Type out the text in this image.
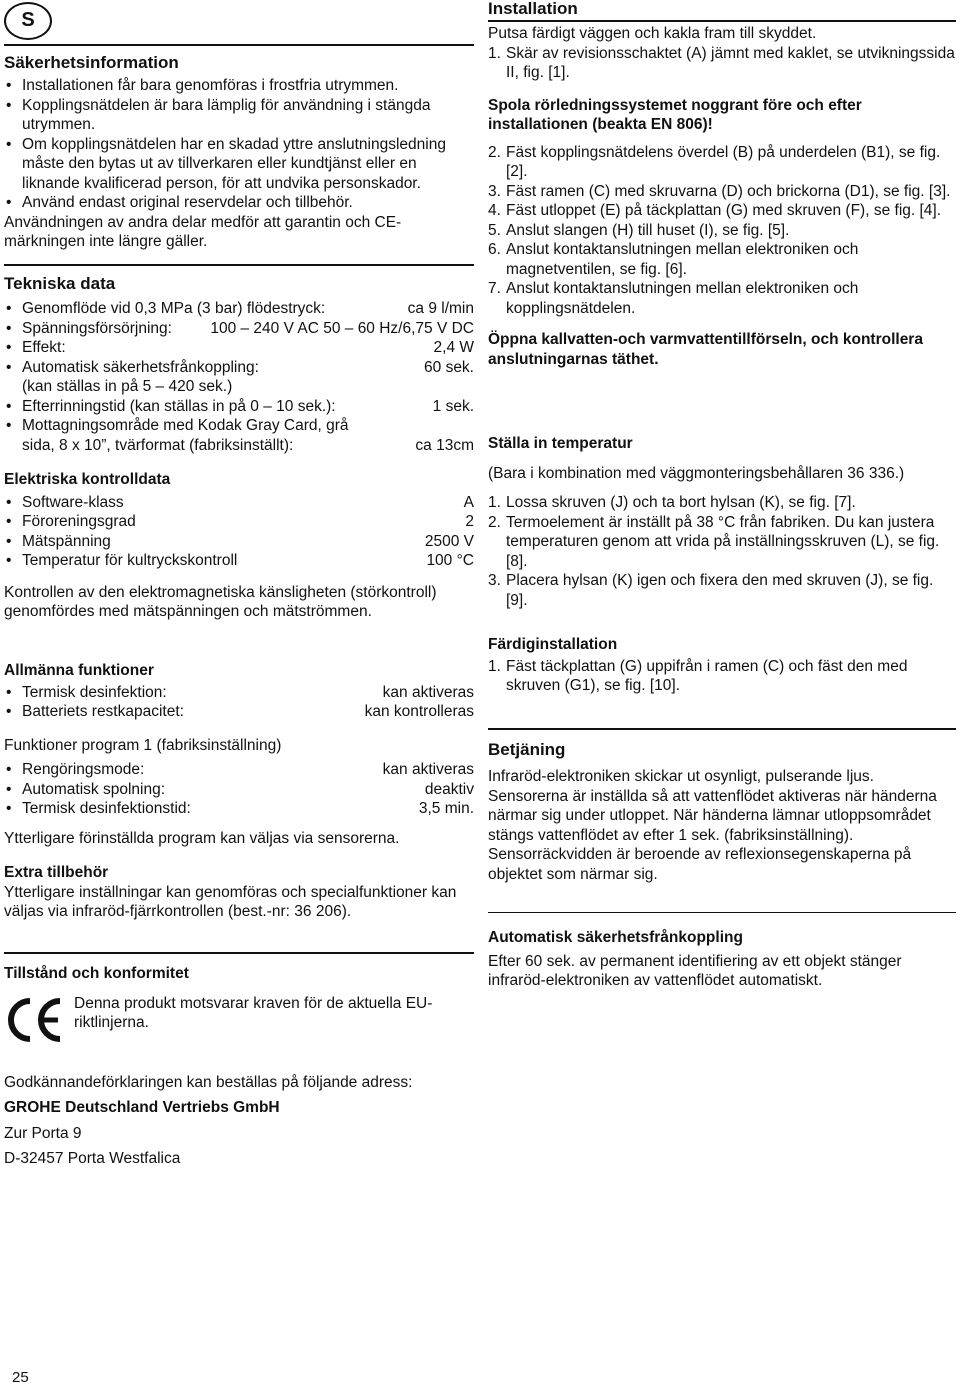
S
Säkerhetsinformation
• Installationen får bara genomföras i frostfria utrymmen.
• Kopplingsnätdelen är bara lämplig för användning i stängda utrymmen.
• Om kopplingsnätdelen har en skadad yttre anslutningsledning måste den bytas ut av tillverkaren eller kundtjänst eller en liknande kvalificerad person, för att undvika personskador.
• Använd endast original reservdelar och tillbehör.
Användningen av andra delar medför att garantin och CE-märkningen inte längre gäller.
Tekniska data
• Genomflöde vid 0,3 MPa (3 bar) flödestryck:	ca 9 l/min
• Spänningsförsörjning: 100 – 240 V AC 50 – 60 Hz/6,75 V DC
• Effekt:	2,4 W
• Automatisk säkerhetsfrånkoppling:	60 sek.
(kan ställas in på 5 – 420 sek.)
• Efterrinningstid (kan ställas in på 0 – 10 sek.):	1 sek.
• Mottagningsområde med Kodak Gray Card, grå
sida, 8 x 10”, tvärformat (fabriksinställt):	ca 13cm
Elektriska kontrolldata
• Software-klass	A
• Föroreningsgrad	2
• Mätspänning	2500 V
• Temperatur för kultryckskontroll	100 °C

Kontrollen av den elektromagnetiska känsligheten (störkontroll) genomfördes med mätspänningen och mätströmmen.

Allmänna funktioner
• Termisk desinfektion:	kan aktiveras
• Batteriets restkapacitet:	kan kontrolleras

Funktioner program 1 (fabriksinställning)

• Rengöringsmode:	kan aktiveras
• Automatisk spolning:	deaktiv
• Termisk desinfektionstid:	3,5 min.

Ytterligare förinställda program kan väljas via sensorerna.

Extra tillbehör

Ytterligare inställningar kan genomföras och specialfunktioner kan väljas via infraröd-fjärrkontrollen (best.-nr: 36 206).

Tillstånd och konformitet

Denna produkt motsvarar kraven för de aktuella EU-riktlinjerna.

Godkännandeförklaringen kan beställas på följande adress:

GROHE Deutschland Vertriebs GmbH

Zur Porta 9

D-32457 Porta Westfalica

Installation

Putsa färdigt väggen och kakla fram till skyddet.

1. Skär av revisionsschaktet (A) jämnt med kaklet, se utvikningssida II, fig. [1].

Spola rörledningssystemet noggrant före och efter installationen (beakta EN 806)!

2. Fäst kopplingsnätdelens överdel (B) på underdelen (B1), se fig. [2].
3. Fäst ramen (C) med skruvarna (D) och brickorna (D1), se fig. [3].
4. Fäst utloppet (E) på täckplattan (G) med skruven (F), se fig. [4].
5. Anslut slangen (H) till huset (I), se fig. [5].
6. Anslut kontaktanslutningen mellan elektroniken och magnetventilen, se fig. [6].
7. Anslut kontaktanslutningen mellan elektroniken och kopplingsnätdelen.

Öppna kallvatten-och varmvattentillförseln, och kontrollera anslutningarnas täthet.

Ställa in temperatur

(Bara i kombination med väggmonteringsbehållaren 36 336.)

1. Lossa skruven (J) och ta bort hylsan (K), se fig. [7].
2. Termoelement är inställt på 38 °C från fabriken. Du kan justera temperaturen genom att vrida på inställningsskruven (L), se fig. [8].
3. Placera hylsan (K) igen och fixera den med skruven (J), se fig. [9].
Färdiginstallation
1. Fäst täckplattan (G) uppifrån i ramen (C) och fäst den med skruven (G1), se fig. [10].
Betjäning

Infraröd-elektroniken skickar ut osynligt, pulserande ljus. Sensorerna är inställda så att vattenflödet aktiveras när händerna närmar sig under utloppet. När händerna lämnar utloppsområdet stängs vattenflödet av efter 1 sek. (fabriksinställning). Sensorräckvidden är beroende av reflexionsegenskaperna på objektet som närmar sig.

Automatisk säkerhetsfrånkoppling

Efter 60 sek. av permanent identifiering av ett objekt stänger infraröd-elektroniken av vattenflödet automatiskt.

25
